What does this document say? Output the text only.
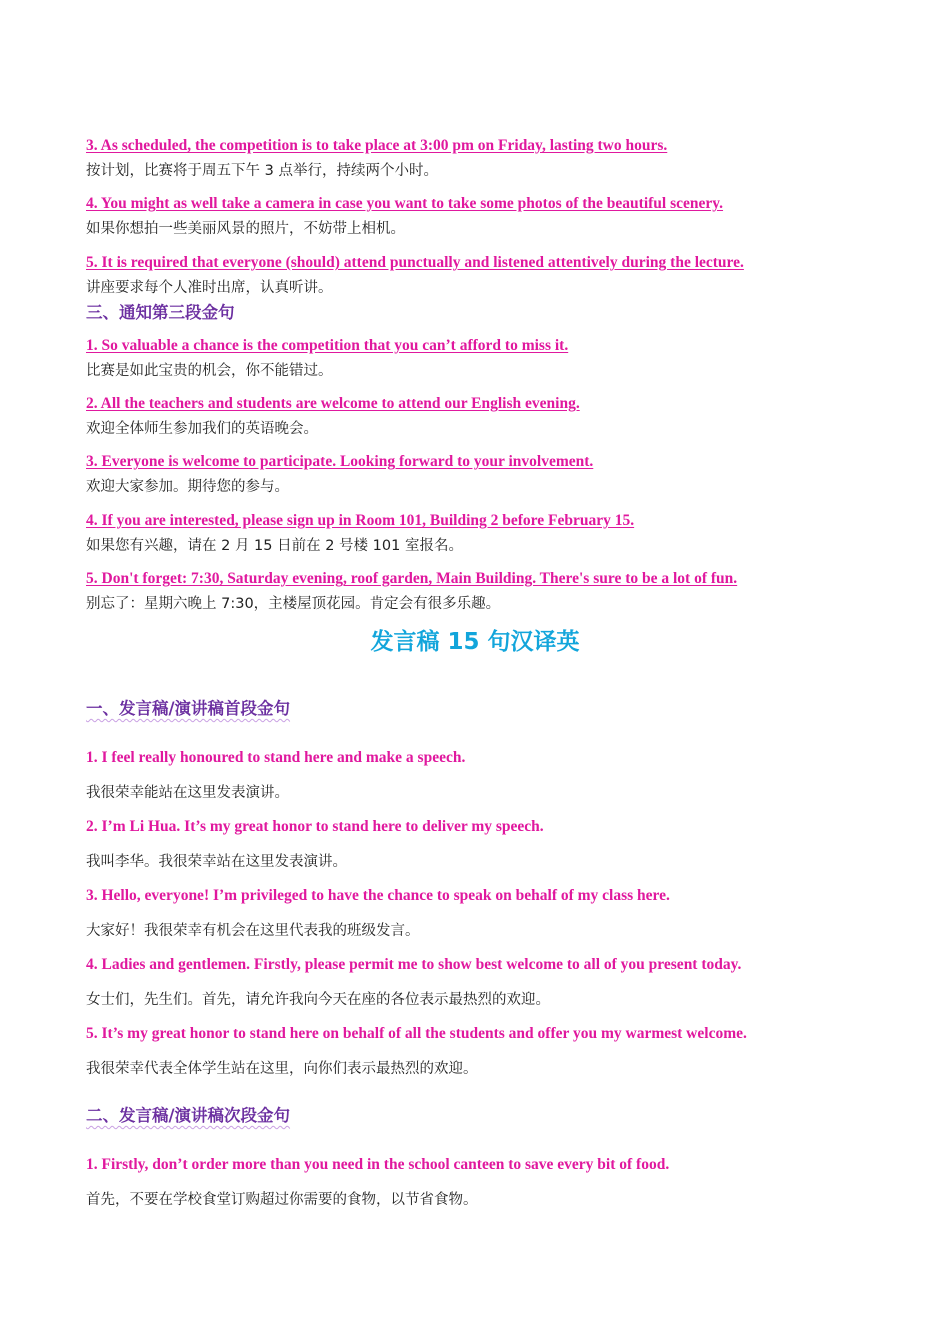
3. As scheduled, the competition is to take place at 3:00 pm on Friday, lasting two hours.
按计划，比赛将于周五下午 3 点举行，持续两个小时。
4. You might as well take a camera in case you want to take some photos of the beautiful scenery.
如果你想拍一些美丽风景的照片，不妨带上相机。
5. It is required that everyone (should) attend punctually and listened attentively during the lecture.
讲座要求每个人准时出席，认真听讲。
三、通知第三段金句
1. So valuable a chance is the competition that you can’t afford to miss it.
比赛是如此宝贵的机会，你不能错过。
2. All the teachers and students are welcome to attend our English evening.
欢迎全体师生参加我们的英语晚会。
3. Everyone is welcome to participate. Looking forward to your involvement.
欢迎大家参加。期待您的参与。
4. If you are interested, please sign up in Room 101, Building 2 before February 15.
如果您有兴趣，请在 2 月 15 日前在 2 号楼 101 室报名。
5. Don't forget: 7:30, Saturday evening, roof garden, Main Building. There's sure to be a lot of fun.
别忘了：星期六晚上 7:30，主楼屋顶花园。肯定会有很多乐趣。
发言稿 15 句汉译英
一、发言稿/演讲稿首段金句
1. I feel really honoured to stand here and make a speech.
我很荣幸能站在这里发表演讲。
2. I’m Li Hua. It’s my great honor to stand here to deliver my speech.
我叫李华。我很荣幸站在这里发表演讲。
3. Hello, everyone! I’m privileged to have the chance to speak on behalf of my class here.
大家好！我很荣幸有机会在这里代表我的班级发言。
4. Ladies and gentlemen. Firstly, please permit me to show best welcome to all of you present today.
女士们，先生们。首先，请允许我向今天在座的各位表示最热烈的欢迎。
5. It’s my great honor to stand here on behalf of all the students and offer you my warmest welcome.
我很荣幸代表全体学生站在这里，向你们表示最热烈的欢迎。
二、发言稿/演讲稿次段金句
1. Firstly, don’t order more than you need in the school canteen to save every bit of food.
首先，不要在学校食堂订购超过你需要的食物，以节省食物。
